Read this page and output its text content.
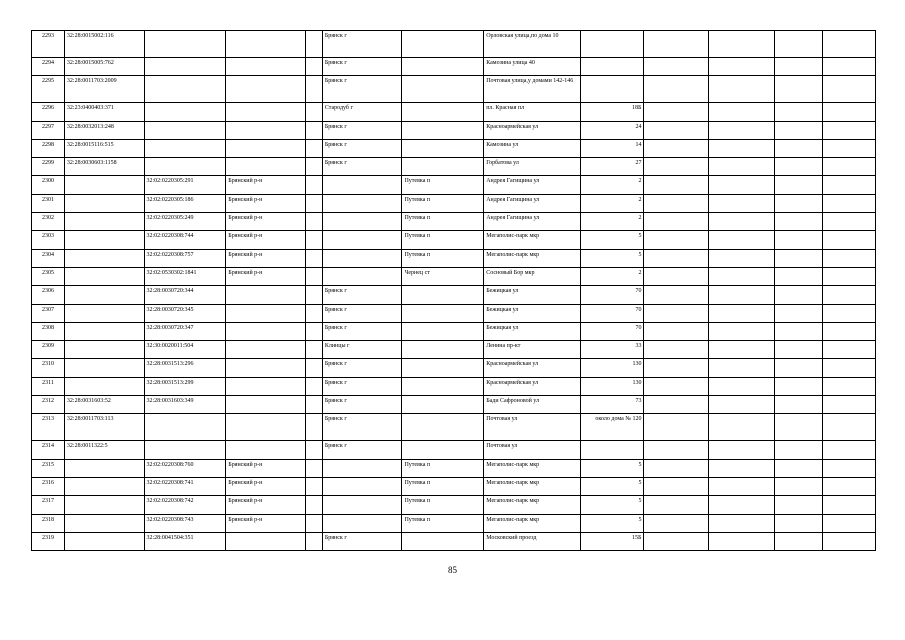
2293	32:28:0015002:116				Брянск г		Орловская улица,по дома 10					
2294	32:28:0015005:762				Брянск г		Камозина улица 40					
2295	32:28:0011703:2009				Брянск г		Почтовая улица,у домами 142-146					
2296	32:23:0400403:371				Стародуб г		пл. Красная пл	18Б				
2297	32:28:0032013:248				Брянск г		Красноармейская ул	24				
2298	32:28:0015116:515				Брянск г		Камозина ул	14				
2299	32:28:0030603:1158				Брянск г		Горбатова ул	27				
2300		32:02:0220305:291	Брянский р-н			Путевка п	Андрея Гагищина ул	2				
2301		32:02:0220305:186	Брянский р-н			Путевка п	Андрея Гагищина ул	2				
2302		32:02:0220305:249	Брянский р-н			Путевка п	Андрея Гагищина ул	2				
2303		32:02:0220308:744	Брянский р-н			Путевка п	Мегаполис-парк мкр	5				
2304		32:02:0220308:757	Брянский р-н			Путевка п	Мегаполис-парк мкр	5				
2305		32:02:0530302:1841	Брянский р-н			Чернец ст	Сосновый Бор мкр	2				
2306		32:28:0030720:344			Брянск г		Бежицкая ул	70				
2307		32:28:0030720:345			Брянск г		Бежицкая ул	70				
2308		32:28:0030720:347			Брянск г		Бежицкая ул	70				
2309		32:30:0020011:504			Клинцы г		Ленина пр-кт	33				
2310		32:28:0031513:296			Брянск г		Красноармейская ул	130				
2311		32:28:0031513:299			Брянск г		Красноармейская ул	130				
2312	32:28:0031603:52	32:28:0031603:349			Брянск г		Бади Сафроновой ул	73				
2313	32:28:0011703:113				Брянск г		Почтовая ул	около дома № 120				
2314	32:28:0011322:5				Брянск г		Почтовая ул					
2315		32:02:0220308:760	Брянский р-н			Путевка п	Мегаполис-парк мкр	5				
2316		32:02:0220308:741	Брянский р-н			Путевка п	Мегаполис-парк мкр	5				
2317		32:02:0220308:742	Брянский р-н			Путевка п	Мегаполис-парк мкр	5				
2318		32:02:0220308:743	Брянский р-н			Путевка п	Мегаполис-парк мкр	5				
2319		32:28:0041504:351			Брянск г		Московский проезд	15Б				
85
